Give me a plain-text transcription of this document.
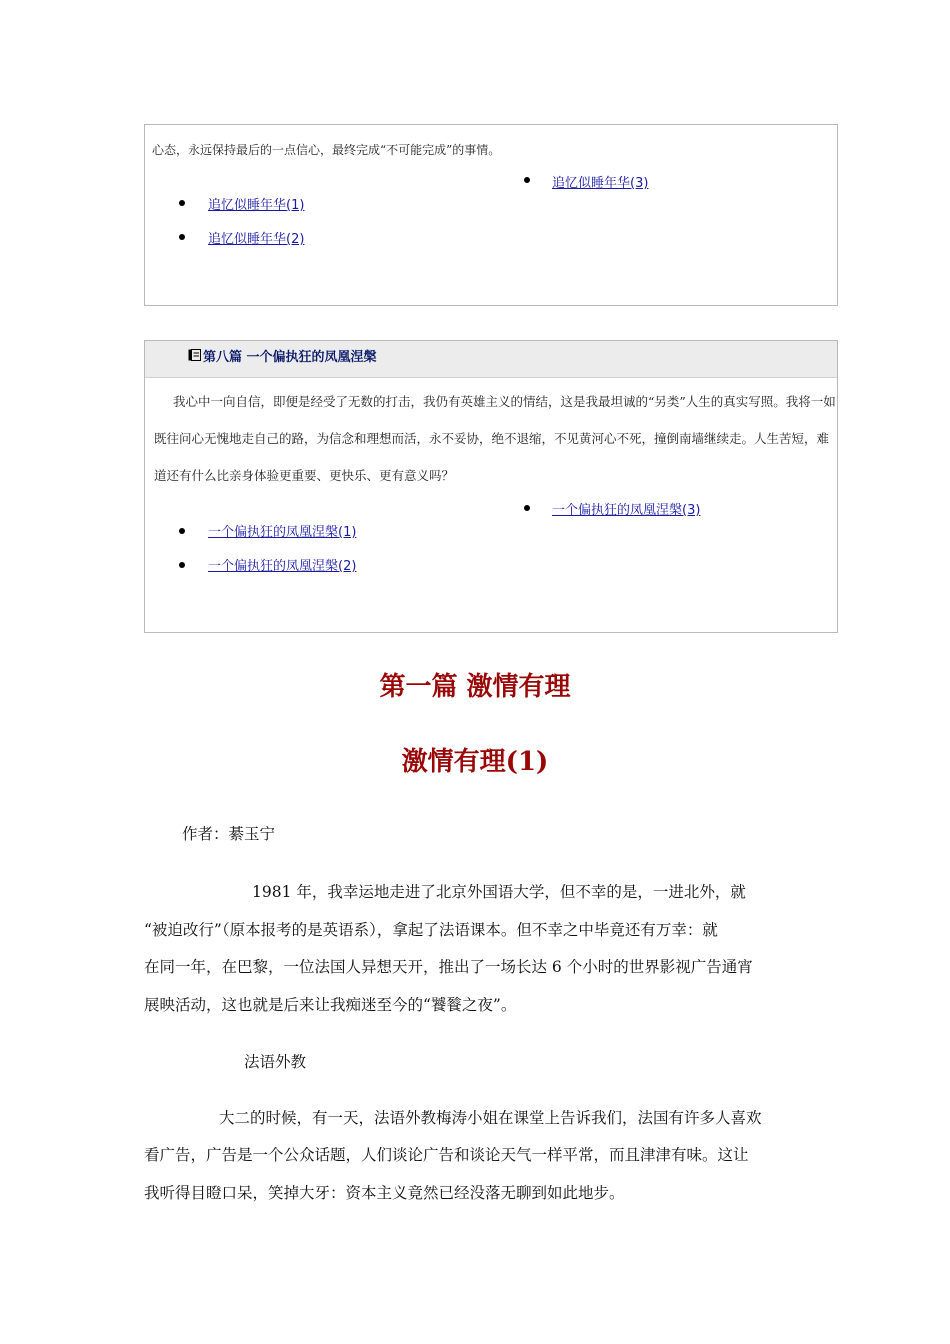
心态，永远保持最后的一点信心，最终完成“不可能完成”的事情。
追忆似睡年华(3)
追忆似睡年华(1)
追忆似睡年华(2)
第八篇 一个偏执狂的凤凰涅槃

我心中一向自信，即便是经受了无数的打击，我仍有英雄主义的情结，这是我最坦诚的“另类”人生的真实写照。我将一如既往问心无愧地走自己的路，为信念和理想而活，永不妥协，绝不退缩，不见黄河心不死，撞倒南墙继续走。人生苦短，难道还有什么比亲身体验更重要、更快乐、更有意义吗？

一个偏执狂的凤凰涅槃(3)
一个偏执狂的凤凰涅槃(1)
一个偏执狂的凤凰涅槃(2)
第一篇 激情有理
激情有理(1)
作者：綦玉宁
1981 年，我幸运地走进了北京外国语大学，但不幸的是，一进北外，就
“被迫改行”（原本报考的是英语系），拿起了法语课本。但不幸之中毕竟还有万幸：就
在同一年，在巴黎，一位法国人异想天开，推出了一场长达 6 个小时的世界影视广告通宵
展映活动，这也就是后来让我痴迷至今的“饕餮之夜”。
法语外教
大二的时候，有一天，法语外教梅涛小姐在课堂上告诉我们，法国有许多人喜欢
看广告，广告是一个公众话题，人们谈论广告和谈论天气一样平常，而且津津有味。这让
我听得目瞪口呆，笑掉大牙：资本主义竟然已经没落无聊到如此地步。
